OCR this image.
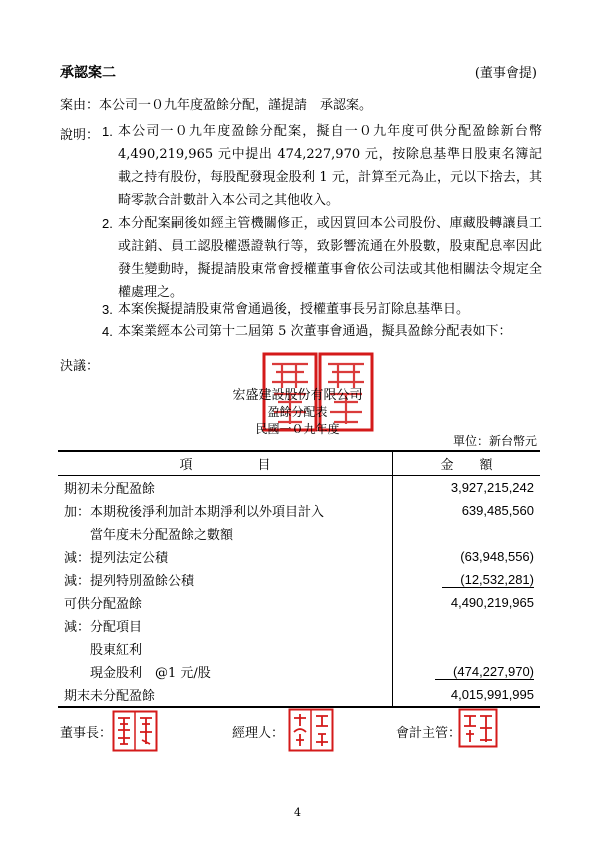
承認案二	(董事會提)
案由：本公司一０九年度盈餘分配，謹提請　承認案。
說明： 1. 本公司一０九年度盈餘分配案，擬自一０九年度可供分配盈餘新台幣4,490,219,965 元中提出 474,227,970 元，按除息基準日股東名簿記載之持有股份，每股配發現金股利 1 元，計算至元為止，元以下捨去，其畸零款合計數計入本公司之其他收入。
2. 本分配案嗣後如經主管機關修正，或因買回本公司股份、庫藏股轉讓員工或註銷、員工認股權憑證執行等，致影響流通在外股數，股東配息率因此發生變動時，擬提請股東常會授權董事會依公司法或其他相關法令規定全權處理之。
3. 本案俟擬提請股東常會通過後，授權董事長另訂除息基準日。
4. 本案業經本公司第十二屆第 5 次董事會通過，擬具盈餘分配表如下：
決議：
宏盛建設股份有限公司
盈餘分配表
民國一０九年度
單位：新台幣元
項　　　　　目	金　　額
期初未分配盈餘	3,927,215,242
加：本期稅後淨利加計本期淨利以外項目計入	639,485,560
　　當年度未分配盈餘之數額	
減：提列法定公積	(63,948,556)
減：提列特別盈餘公積	(12,532,281)
可供分配盈餘	4,490,219,965
減：分配項目	
　　股東紅利	
　　現金股利　@1 元/股	(474,227,970)
期末未分配盈餘	4,015,991,995
董事長：	經理人：	會計主管：
4
